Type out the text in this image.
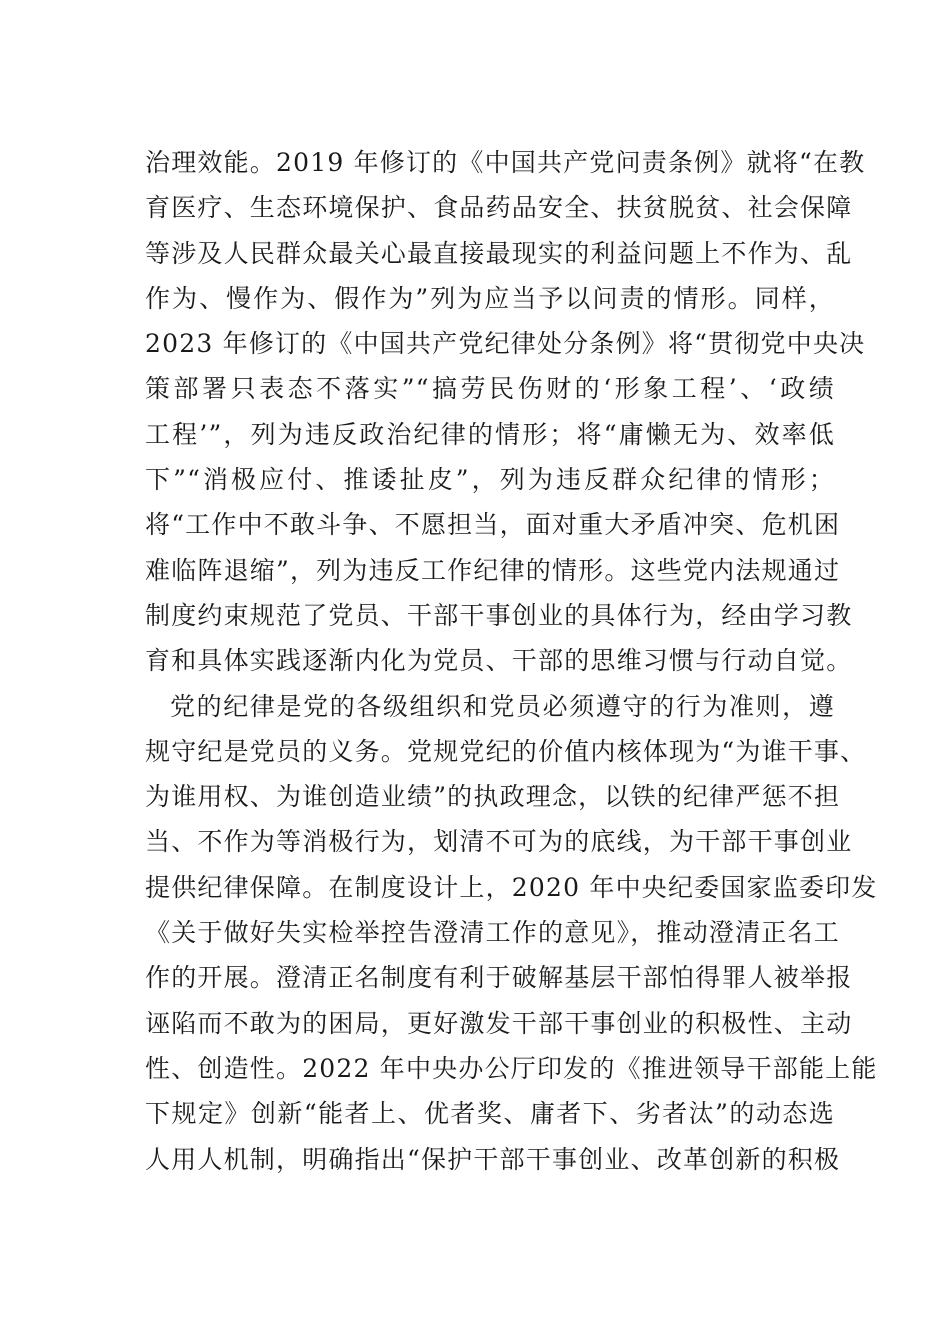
治理效能。2019 年修订的《中国共产党问责条例》就将“在教
育医疗、生态环境保护、食品药品安全、扶贫脱贫、社会保障
等涉及人民群众最关心最直接最现实的利益问题上不作为、乱
作为、慢作为、假作为”列为应当予以问责的情形。同样，
2023 年修订的《中国共产党纪律处分条例》将“贯彻党中央决
策部署只表态不落实”“搞劳民伤财的‘形象工程’、‘政绩
工程’”，列为违反政治纪律的情形；将“庸懒无为、效率低
下”“消极应付、推诿扯皮”，列为违反群众纪律的情形；
将“工作中不敢斗争、不愿担当，面对重大矛盾冲突、危机困
难临阵退缩”，列为违反工作纪律的情形。这些党内法规通过
制度约束规范了党员、干部干事创业的具体行为，经由学习教
育和具体实践逐渐内化为党员、干部的思维习惯与行动自觉。
党的纪律是党的各级组织和党员必须遵守的行为准则，遵
规守纪是党员的义务。党规党纪的价值内核体现为“为谁干事、
为谁用权、为谁创造业绩”的执政理念，以铁的纪律严惩不担
当、不作为等消极行为，划清不可为的底线，为干部干事创业
提供纪律保障。在制度设计上，2020 年中央纪委国家监委印发
《关于做好失实检举控告澄清工作的意见》，推动澄清正名工
作的开展。澄清正名制度有利于破解基层干部怕得罪人被举报
诬陷而不敢为的困局，更好激发干部干事创业的积极性、主动
性、创造性。2022 年中央办公厅印发的《推进领导干部能上能
下规定》创新“能者上、优者奖、庸者下、劣者汰”的动态选
人用人机制，明确指出“保护干部干事创业、改革创新的积极
